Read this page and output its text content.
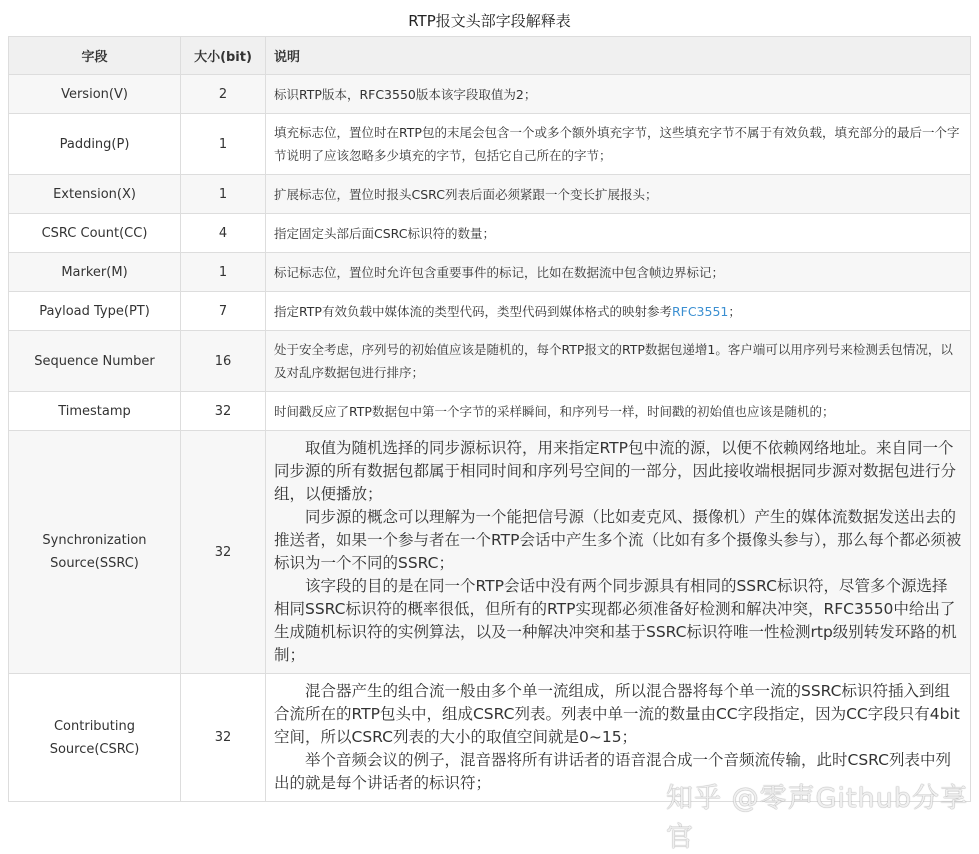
RTP报文头部字段解释表
字段	大小(bit)	说明
Version(V)	2	标识RTP版本，RFC3550版本该字段取值为2；
Padding(P)	1	填充标志位，置位时在RTP包的末尾会包含一个或多个额外填充字节，这些填充字节不属于有效负载，填充部分的最后一个字节说明了应该忽略多少填充的字节，包括它自己所在的字节；
Extension(X)	1	扩展标志位，置位时报头CSRC列表后面必须紧跟一个变长扩展报头；
CSRC Count(CC)	4	指定固定头部后面CSRC标识符的数量；
Marker(M)	1	标记标志位，置位时允许包含重要事件的标记，比如在数据流中包含帧边界标记；
Payload Type(PT)	7	指定RTP有效负载中媒体流的类型代码，类型代码到媒体格式的映射参考RFC3551；
Sequence Number	16	处于安全考虑，序列号的初始值应该是随机的，每个RTP报文的RTP数据包递增1。客户端可以用序列号来检测丢包情况，以及对乱序数据包进行排序；
Timestamp	32	时间戳反应了RTP数据包中第一个字节的采样瞬间，和序列号一样，时间戳的初始值也应该是随机的；
Synchronization Source(SSRC)	32	取值为随机选择的同步源标识符，用来指定RTP包中流的源，以便不依赖网络地址。来自同一个同步源的所有数据包都属于相同时间和序列号空间的一部分，因此接收端根据同步源对数据包进行分组，以便播放；

同步源的概念可以理解为一个能把信号源（比如麦克风、摄像机）产生的媒体流数据发送出去的推送者，如果一个参与者在一个RTP会话中产生多个流（比如有多个摄像头参与），那么每个都必须被标识为一个不同的SSRC；

该字段的目的是在同一个RTP会话中没有两个同步源具有相同的SSRC标识符，尽管多个源选择相同SSRC标识符的概率很低，但所有的RTP实现都必须准备好检测和解决冲突，RFC3550中给出了生成随机标识符的实例算法，以及一种解决冲突和基于SSRC标识符唯一性检测rtp级别转发环路的机制；

Contributing Source(CSRC)	32	混合器产生的组合流一般由多个单一流组成，所以混合器将每个单一流的SSRC标识符插入到组合流所在的RTP包头中，组成CSRC列表。列表中单一流的数量由CC字段指定，因为CC字段只有4bit空间，所以CSRC列表的大小的取值空间就是0~15；

举个音频会议的例子，混音器将所有讲话者的语音混合成一个音频流传输，此时CSRC列表中列出的就是每个讲话者的标识符；	知乎 @零声Github分享官
